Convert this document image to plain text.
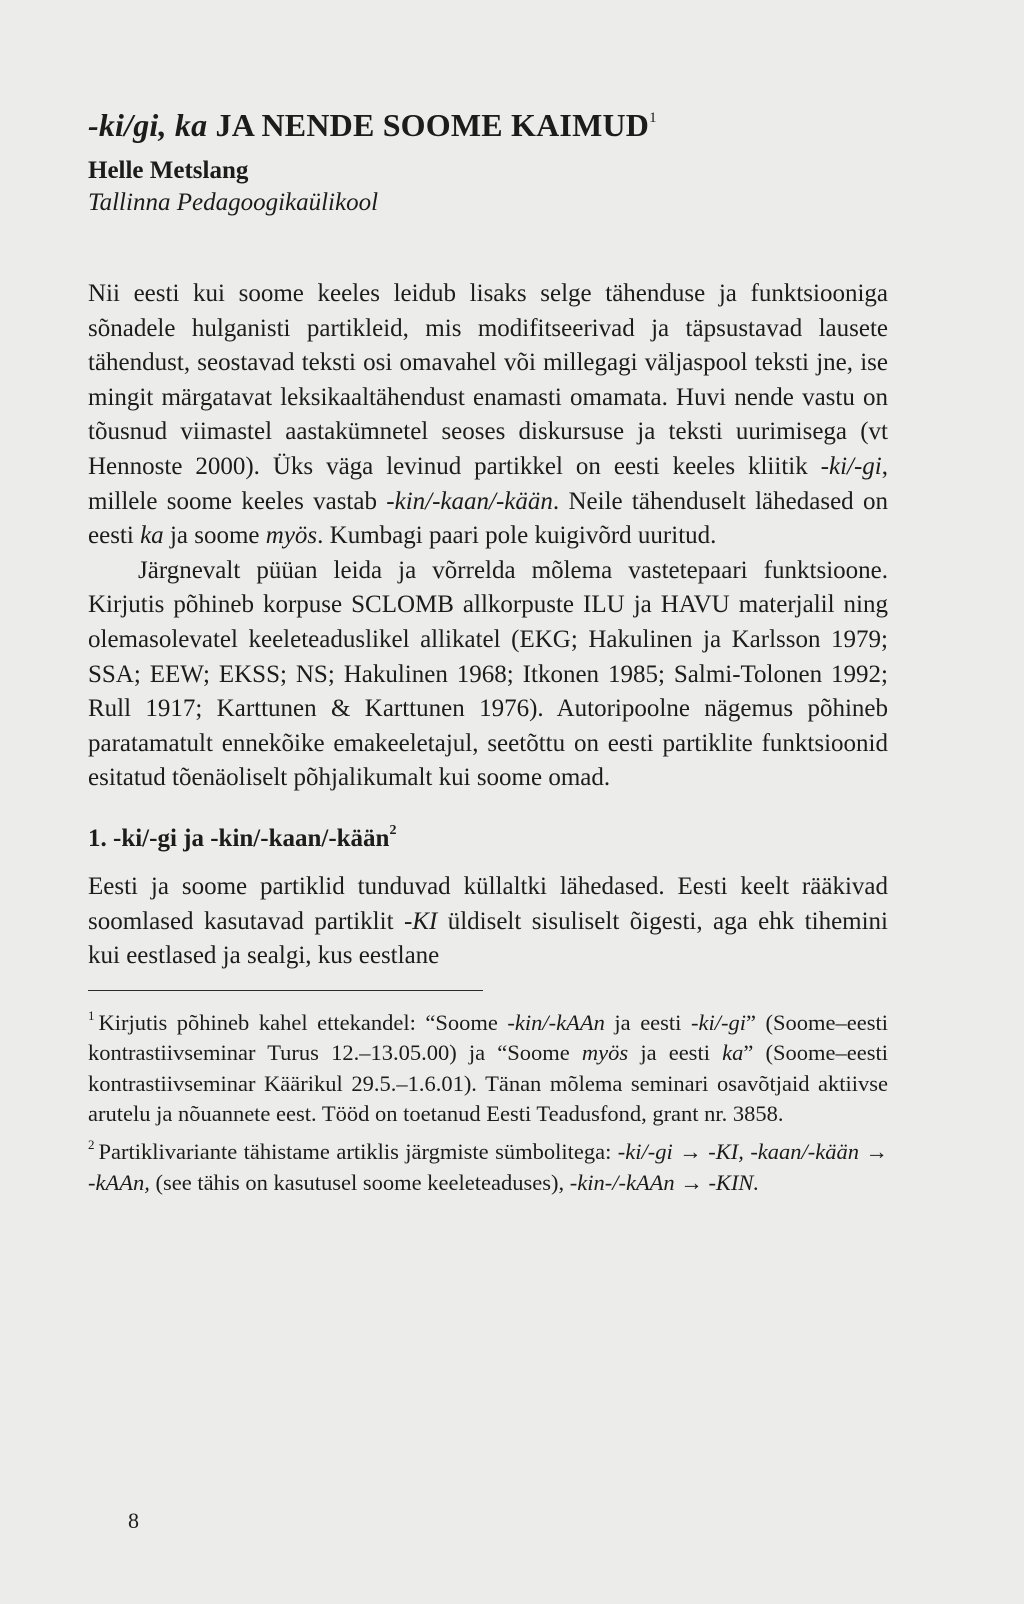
-ki/gi, ka JA NENDE SOOME KAIMUD$^1$

Helle Metslang

Tallinna Pedagoogikaülikool

Nii eesti kui soome keeles leidub lisaks selge tähenduse ja funktsiooniga sõnadele hulganisti partikleid, mis modifitseerivad ja täpsustavad lausete tähendust, seostavad teksti osi omavahel või millegagi väljaspool teksti jne, ise mingit märgatavat leksikaaltähendust enamasti omamata. Huvi nende vastu on tõusnud viimastel aastakümnetel seoses diskursuse ja teksti uurimisega (vt Hennoste 2000). Üks väga levinud partikkel on eesti keeles kliitik -ki/-gi, millele soome keeles vastab -kin/-kaan/-kään. Neile tähenduselt lähedased on eesti ka ja soome myös. Kumbagi paari pole kuigivõrd uuritud.

Järgnevalt püüan leida ja võrrelda mõlema vastetepaari funktsioone. Kirjutis põhineb korpuse SCLOMB allkorpuste ILU ja HAVU materjalil ning olemasolevatel keeleteaduslikel allikatel (EKG; Hakulinen ja Karlsson 1979; SSA; EEW; EKSS; NS; Hakulinen 1968; Itkonen 1985; Salmi-Tolonen 1992; Rull 1917; Karttunen & Karttunen 1976). Autoripoolne nägemus põhineb paratamatult ennekõike emakeeletajul, seetõttu on eesti partiklite funktsioonid esitatud tõenäoliselt põhjalikumalt kui soome omad.

1. -ki/-gi ja -kin/-kaan/-kään$^2$

Eesti ja soome partiklid tunduvad küllaltki lähedased. Eesti keelt rääkivad soomlased kasutavad partiklit -KI üldiselt sisuliselt õigesti, aga ehk tihemini kui eestlased ja sealgi, kus eestlane

$^1$ Kirjutis põhineb kahel ettekandel: “Soome -kin/-kAAn ja eesti -ki/-gi” (Soome–eesti kontrastiivseminar Turus 12.–13.05.00) ja “Soome myös ja eesti ka” (Soome–eesti kontrastiivseminar Käärikul 29.5.–1.6.01). Tänan mõlema seminari osavõtjaid aktiivse arutelu ja nõuannete eest. Tööd on toetanud Eesti Teadusfond, grant nr. 3858.

$^2$ Partiklivariante tähistame artiklis järgmiste sümbolitega: -ki/-gi → -KI, -kaan/-kään → -kAAn, (see tähis on kasutusel soome keeleteaduses), -kin-/-kAAn → -KIN.

8
